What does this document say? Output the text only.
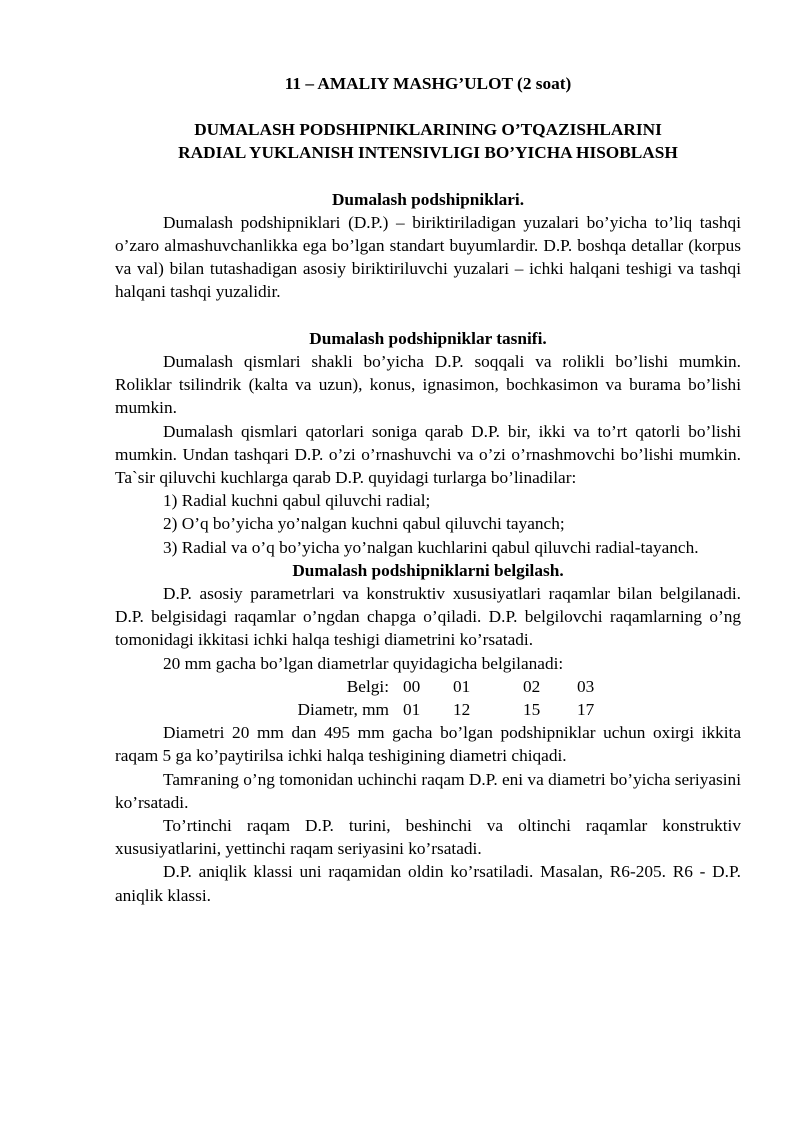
11 – AMALIY MASHG’ULOT (2 soat)
DUMALASH PODSHIPNIKLARINING O’TQAZISHLARINI
RADIAL YUKLANISH INTENSIVLIGI BO’YICHA HISOBLASH
Dumalash podshipniklari.

Dumalash podshipniklari (D.P.) – biriktiriladigan yuzalari bo’yicha to’liq tashqi o’zaro almashuvchanlikka ega bo’lgan standart buyumlardir. D.P. boshqa detallar (korpus va val) bilan tutashadigan asosiy biriktiriluvchi yuzalari – ichki halqani teshigi va tashqi halqani tashqi yuzalidir.

Dumalash podshipniklar tasnifi.

Dumalash qismlari shakli bo’yicha D.P. soqqali va rolikli bo’lishi mumkin. Roliklar tsilindrik (kalta va uzun), konus, ignasimon, bochkasimon va burama bo’lishi mumkin.

Dumalash qismlari qatorlari soniga qarab D.P. bir, ikki va to’rt qatorli bo’lishi mumkin. Undan tashqari D.P. o’zi o’rnashuvchi va o’zi o’rnashmovchi bo’lishi mumkin. Ta`sir qiluvchi kuchlarga qarab D.P. quyidagi turlarga bo’linadilar:

1) Radial kuchni qabul qiluvchi radial;

2) O’q bo’yicha yo’nalgan kuchni qabul qiluvchi tayanch;

3) Radial va o’q bo’yicha yo’nalgan kuchlarini qabul qiluvchi radial-tayanch.

Dumalash podshipniklarni belgilash.

D.P. asosiy parametrlari va konstruktiv xususiyatlari raqamlar bilan belgilanadi. D.P. belgisidagi raqamlar o’ngdan chapga o’qiladi. D.P. belgilovchi raqamlarning o’ng tomonidagi ikkitasi ichki halqa teshigi diametrini ko’rsatadi.

20 mm gacha bo’lgan diametrlar quyidagicha belgilanadi:

Belgi: 00	01	02	03
Diametr, mm 01	12	15	17

Diametri 20 mm dan 495 mm gacha bo’lgan podshipniklar uchun oxirgi ikkita raqam 5 ga ko’paytirilsa ichki halqa teshigining diametri chiqadi.

Tamғaning o’ng tomonidan uchinchi raqam D.P. eni va diametri bo’yicha seriyasini ko’rsatadi.

To’rtinchi raqam D.P. turini, beshinchi va oltinchi raqamlar konstruktiv xususiyatlarini, yettinchi raqam seriyasini ko’rsatadi.

D.P. aniqlik klassi uni raqamidan oldin ko’rsatiladi. Masalan, R6-205. R6 - D.P. aniqlik klassi.
